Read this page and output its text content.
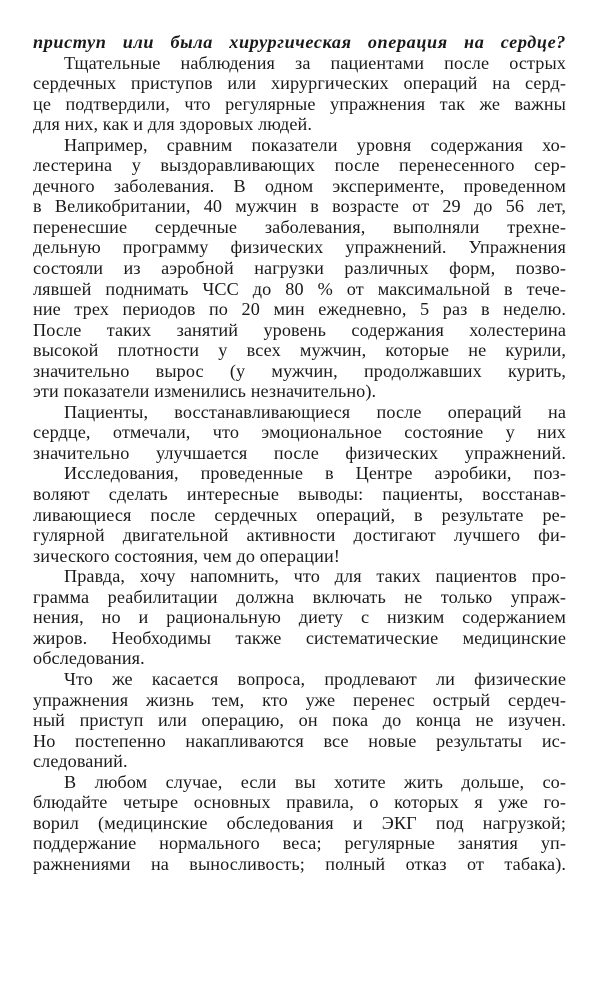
приступ или была хирургическая операция на сердце?
Тщательные наблюдения за пациентами после острых
сердечных приступов или хирургических операций на серд-
це подтвердили, что регулярные упражнения так же важны
для них, как и для здоровых людей.
Например, сравним показатели уровня содержания хо-
лестерина у выздоравливающих после перенесенного сер-
дечного заболевания. В одном эксперименте, проведенном
в Великобритании, 40 мужчин в возрасте от 29 до 56 лет,
перенесшие сердечные заболевания, выполняли трехне-
дельную программу физических упражнений. Упражнения
состояли из аэробной нагрузки различных форм, позво-
лявшей поднимать ЧСС до 80 % от максимальной в тече-
ние трех периодов по 20 мин ежедневно, 5 раз в неделю.
После таких занятий уровень содержания холестерина
высокой плотности у всех мужчин, которые не курили,
значительно вырос (у мужчин, продолжавших курить,
эти показатели изменились незначительно).
Пациенты, восстанавливающиеся после операций на
сердце, отмечали, что эмоциональное состояние у них
значительно улучшается после физических упражнений.
Исследования, проведенные в Центре аэробики, поз-
воляют сделать интересные выводы: пациенты, восстанав-
ливающиеся после сердечных операций, в результате ре-
гулярной двигательной активности достигают лучшего фи-
зического состояния, чем до операции!
Правда, хочу напомнить, что для таких пациентов про-
грамма реабилитации должна включать не только упраж-
нения, но и рациональную диету с низким содержанием
жиров. Необходимы также систематические медицинские
обследования.
Что же касается вопроса, продлевают ли физические
упражнения жизнь тем, кто уже перенес острый сердеч-
ный приступ или операцию, он пока до конца не изучен.
Но постепенно накапливаются все новые результаты ис-
следований.
В любом случае, если вы хотите жить дольше, со-
блюдайте четыре основных правила, о которых я уже го-
ворил (медицинские обследования и ЭКГ под нагрузкой;
поддержание нормального веса; регулярные занятия уп-
ражнениями на выносливость; полный отказ от табака).
